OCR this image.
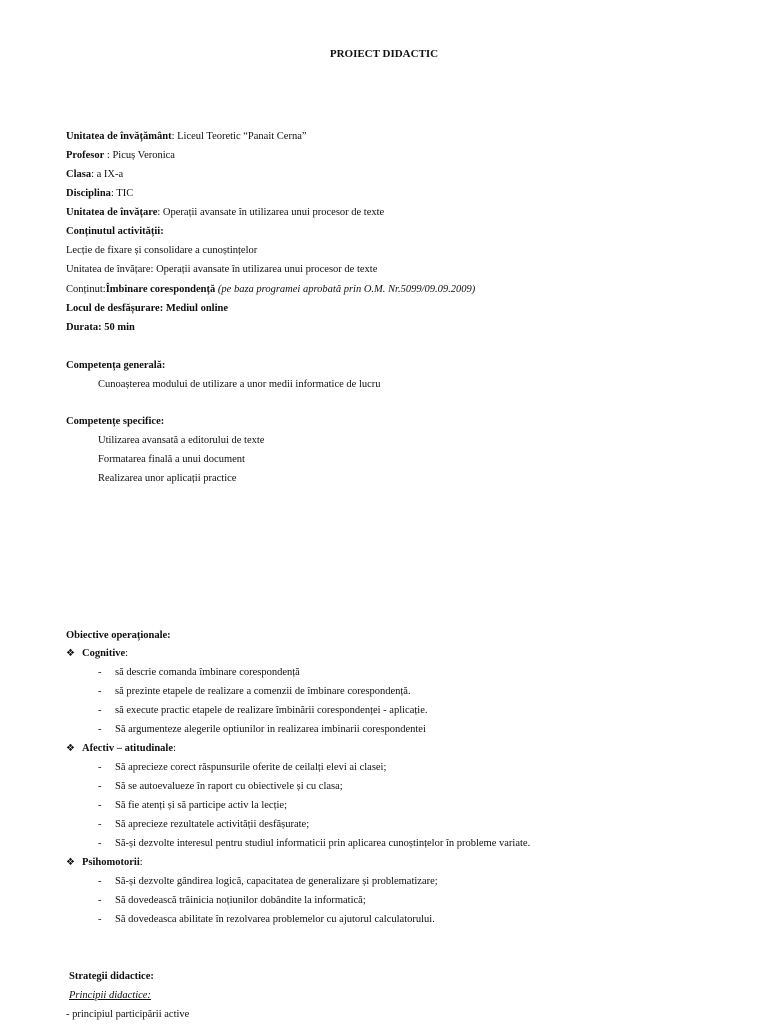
PROIECT DIDACTIC
Unitatea de învățământ: Liceul Teoretic “Panait Cerna”
Profesor : Picuș Veronica
Clasa: a IX-a
Disciplina: TIC
Unitatea de învățare: Operații avansate în utilizarea unui procesor de texte
Conținutul activității:
Lecție de fixare și consolidare a cunoștințelor
Unitatea de învățare: Operații avansate în utilizarea unui procesor de texte
Conținut:Îmbinare corespondență (pe baza programei aprobată prin O.M. Nr.5099/09.09.2009)
Locul de desfășurare: Mediul online
Durata: 50 min
Competența generală:
Cunoașterea modului de utilizare a unor medii informatice de lucru
Competențe specifice:
Utilizarea avansată a editorului de texte
Formatarea finală a unui document
Realizarea unor aplicații practice
Obiective operaționale:
❖ Cognitive:
- să descrie comanda îmbinare corespondență
- să prezinte etapele de realizare a comenzii de îmbinare corespondență.
- să execute practic etapele de realizare îmbinării corespondenței - aplicație.
- Să argumenteze alegerile optiunilor in realizarea imbinarii corespondentei
❖ Afectiv – atitudinale:
- Să aprecieze corect răspunsurile oferite de ceilalți elevi ai clasei;
- Să se autoevalueze în raport cu obiectivele și cu clasa;
- Să fie atenți și să participe activ la lecție;
- Să aprecieze rezultatele activității desfășurate;
- Să-și dezvolte interesul pentru studiul informaticii prin aplicarea cunoștințelor în probleme variate.
❖ Psihomotorii:
- Să-și dezvolte gândirea logică, capacitatea de generalizare și problematizare;
- Să dovedească trăinicia noțiunilor dobândite la informatică;
- Să dovedeasca abilitate în rezolvarea problemelor cu ajutorul calculatorului.
Strategii didactice:
Principii didactice:
- principiul participării active
